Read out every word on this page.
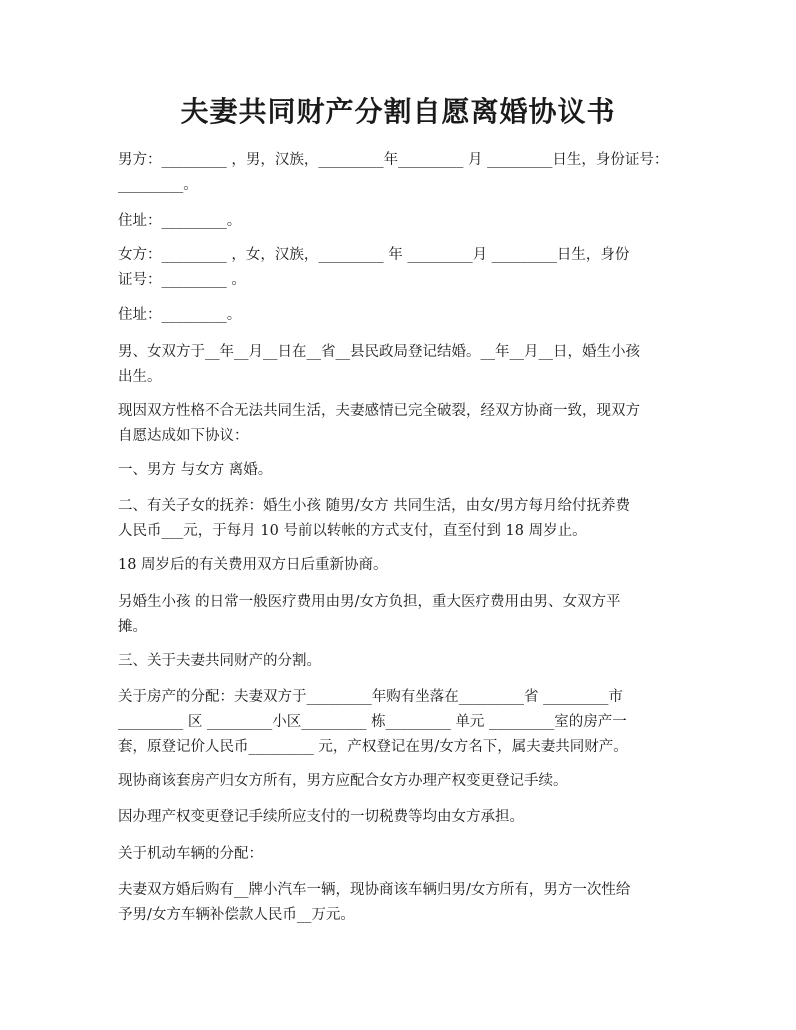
夫妻共同财产分割自愿离婚协议书
男方：_________ ，男，汉族，_________年_________ 月 _________日生，身份证号：
_________。
住址：_________。
女方：_________ ，女，汉族，_________ 年 _________月 _________日生，身份
证号：_________ 。
住址：_________。
男、女双方于__年__月__日在__省__县民政局登记结婚。__年__月__日，婚生小孩
出生。
现因双方性格不合无法共同生活，夫妻感情已完全破裂，经双方协商一致，现双方
自愿达成如下协议：
一、男方 与女方 离婚。
二、有关子女的抚养：婚生小孩 随男/女方 共同生活，由女/男方每月给付抚养费
人民币___元，于每月 10 号前以转帐的方式支付，直至付到 18 周岁止。
18 周岁后的有关费用双方日后重新协商。
另婚生小孩 的日常一般医疗费用由男/女方负担，重大医疗费用由男、女双方平
摊。
三、关于夫妻共同财产的分割。
关于房产的分配：夫妻双方于_________年购有坐落在_________省 _________市
_________ 区 _________小区_________ 栋_________ 单元 _________室的房产一
套，原登记价人民币_________ 元，产权登记在男/女方名下，属夫妻共同财产。
现协商该套房产归女方所有，男方应配合女方办理产权变更登记手续。
因办理产权变更登记手续所应支付的一切税费等均由女方承担。
关于机动车辆的分配：
夫妻双方婚后购有__牌小汽车一辆，现协商该车辆归男/女方所有，男方一次性给
予男/女方车辆补偿款人民币__万元。
